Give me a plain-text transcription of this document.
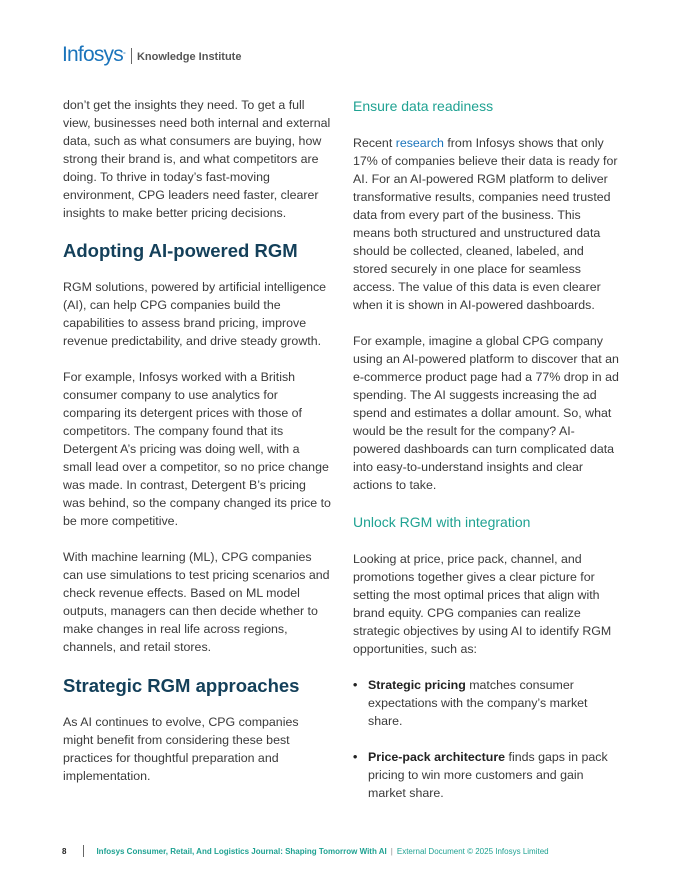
Infosys° Knowledge Institute

don’t get the insights they need. To get a full view, businesses need both internal and external data, such as what consumers are buying, how strong their brand is, and what competitors are doing. To thrive in today’s fast-moving environment, CPG leaders need faster, clearer insights to make better pricing decisions.

Adopting AI-powered RGM

RGM solutions, powered by artificial intelligence (AI), can help CPG companies build the capabilities to assess brand pricing, improve revenue predictability, and drive steady growth.

For example, Infosys worked with a British consumer company to use analytics for comparing its detergent prices with those of competitors. The company found that its Detergent A’s pricing was doing well, with a small lead over a competitor, so no price change was made. In contrast, Detergent B’s pricing was behind, so the company changed its price to be more competitive.

With machine learning (ML), CPG companies can use simulations to test pricing scenarios and check revenue effects. Based on ML model outputs, managers can then decide whether to make changes in real life across regions, channels, and retail stores.

Strategic RGM approaches

As AI continues to evolve, CPG companies might benefit from considering these best practices for thoughtful preparation and implementation.

Ensure data readiness

Recent research from Infosys shows that only 17% of companies believe their data is ready for AI. For an AI-powered RGM platform to deliver transformative results, companies need trusted data from every part of the business. This means both structured and unstructured data should be collected, cleaned, labeled, and stored securely in one place for seamless access. The value of this data is even clearer when it is shown in AI-powered dashboards.

For example, imagine a global CPG company using an AI-powered platform to discover that an e-commerce product page had a 77% drop in ad spending. The AI suggests increasing the ad spend and estimates a dollar amount. So, what would be the result for the company? AI-powered dashboards can turn complicated data into easy-to-understand insights and clear actions to take.

Unlock RGM with integration

Looking at price, price pack, channel, and promotions together gives a clear picture for setting the most optimal prices that align with brand equity. CPG companies can realize strategic objectives by using AI to identify RGM opportunities, such as:

• Strategic pricing matches consumer expectations with the company’s market share.
• Price-pack architecture finds gaps in pack pricing to win more customers and gain market share.
8	Infosys Consumer, Retail, And Logistics Journal: Shaping Tomorrow With AI | External Document © 2025 Infosys Limited
